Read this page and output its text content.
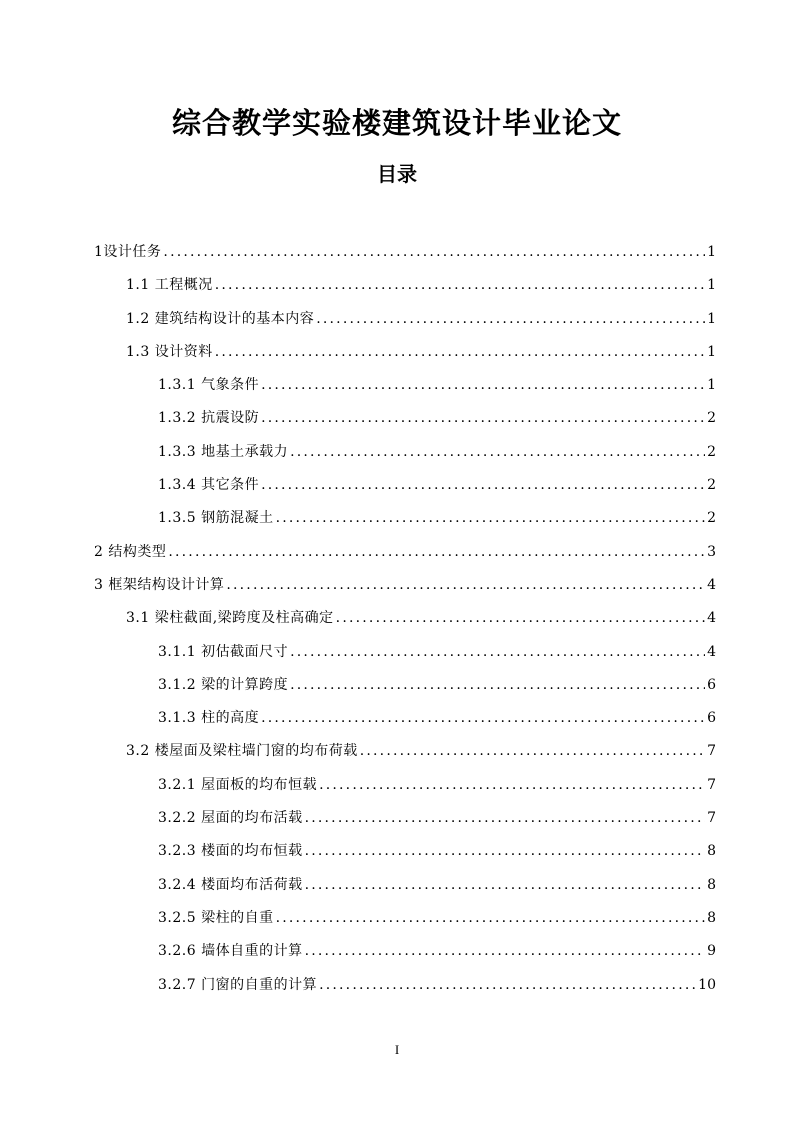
综合教学实验楼建筑设计毕业论文
目录
1设计任务 .....	1
1.1 工程概况 .....	1
1.2 建筑结构设计的基本内容 .....	1
1.3 设计资料 .....	1
1.3.1 气象条件 .....	1
1.3.2 抗震设防 .....	2
1.3.3 地基土承载力 .....	2
1.3.4 其它条件 .....	2
1.3.5 钢筋混凝土 .....	2
2 结构类型 .....	3
3 框架结构设计计算 .....	4
3.1 梁柱截面,梁跨度及柱高确定 .....	4
3.1.1 初估截面尺寸 .....	4
3.1.2 梁的计算跨度 .....	6
3.1.3 柱的高度 .....	6
3.2 楼屋面及梁柱墙门窗的均布荷载 .....	7
3.2.1 屋面板的均布恒载 .....	7
3.2.2 屋面的均布活载 .....	7
3.2.3 楼面的均布恒载 .....	8
3.2.4 楼面均布活荷载 .....	8
3.2.5 梁柱的自重 .....	8
3.2.6 墙体自重的计算 .....	9
3.2.7 门窗的自重的计算 .....	10
I
